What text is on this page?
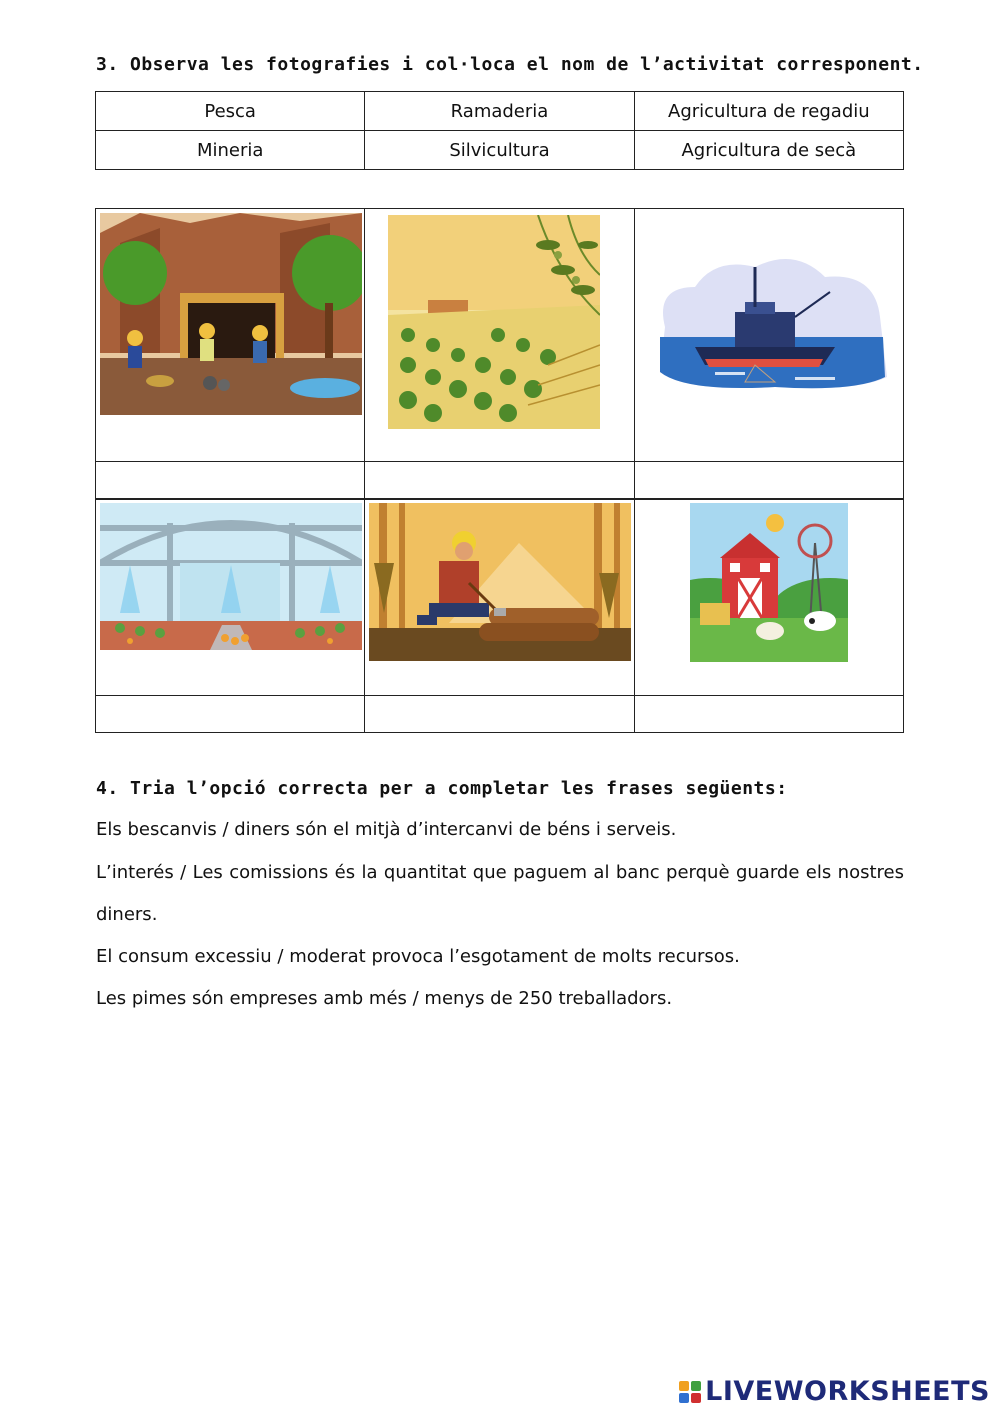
3. Observa les fotografies i col·loca el nom de l’activitat corresponent.
Pesca	Ramaderia	Agricultura de regadiu
Mineria	Silvicultura	Agricultura de secà

4. Tria l’opció correcta per a completar les frases següents:
Els bescanvis / diners són el mitjà d’intercanvi de béns i serveis.
L’interés / Les comissions és la quantitat que paguem al banc perquè guarde els nostres diners.
El consum excessiu / moderat provoca l’esgotament de molts recursos.
Les pimes són empreses amb més / menys de 250 treballadors.
LIVEWORKSHEETS
